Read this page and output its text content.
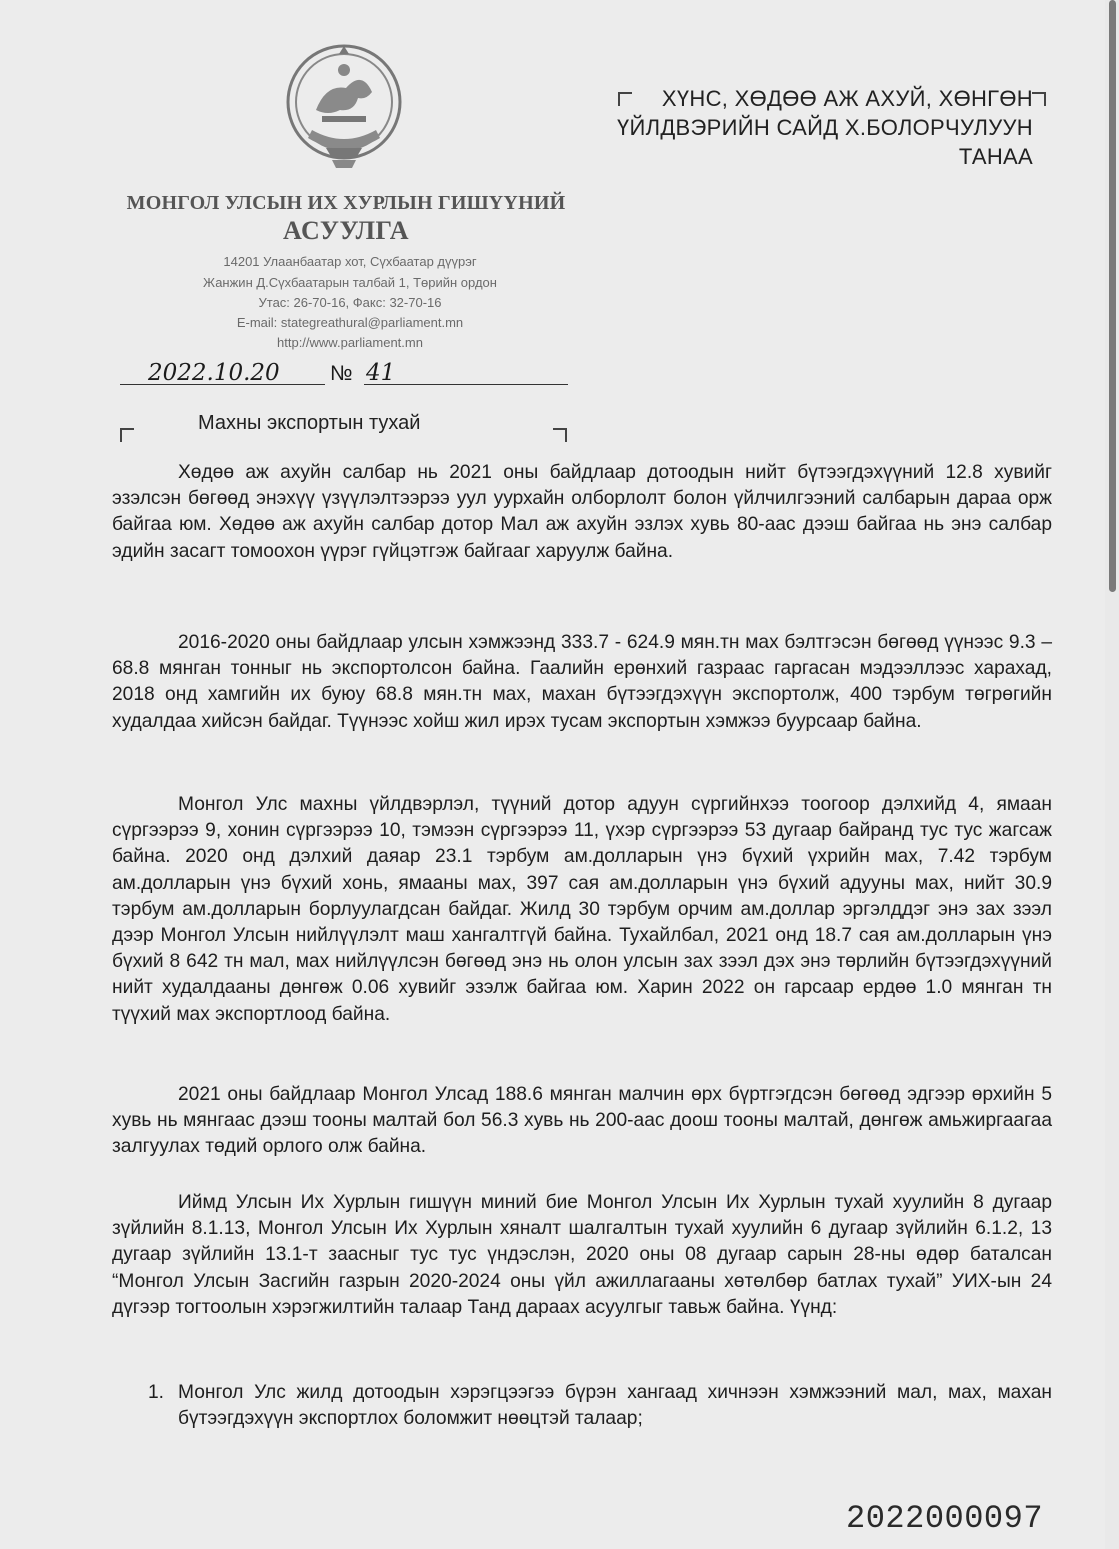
МОНГОЛ УЛСЫН ИХ ХУРЛЫН ГИШҮҮНИЙ
АСУУЛГА
14201 Улаанбаатар хот, Сүхбаатар дүүрэг
Жанжин Д.Сүхбаатарын талбай 1, Төрийн ордон
Утас: 26-70-16, Факс: 32-70-16
E-mail: stategreathural@parliament.mn
http://www.parliament.mn
ХҮНС, ХӨДӨӨ АЖ АХУЙ, ХӨНГӨН
ҮЙЛДВЭРИЙН САЙД Х.БОЛОРЧУЛУУН
ТАНАА
2022.10.20 № 41
Махны экспортын тухай

Хөдөө аж ахуйн салбар нь 2021 оны байдлаар дотоодын нийт бүтээгдэхүүний 12.8 хувийг эзэлсэн бөгөөд энэхүү үзүүлэлтээрээ уул уурхайн олборлолт болон үйлчилгээний салбарын дараа орж байгаа юм. Хөдөө аж ахуйн салбар дотор Мал аж ахуйн эзлэх хувь 80-аас дээш байгаа нь энэ салбар эдийн засагт томоохон үүрэг гүйцэтгэж байгааг харуулж байна.

2016-2020 оны байдлаар улсын хэмжээнд 333.7 - 624.9 мян.тн мах бэлтгэсэн бөгөөд үүнээс 9.3 – 68.8 мянган тонныг нь экспортолсон байна. Гаалийн ерөнхий газраас гаргасан мэдээллээс харахад, 2018 онд хамгийн их буюу 68.8 мян.тн мах, махан бүтээгдэхүүн экспортолж, 400 тэрбум төгрөгийн худалдаа хийсэн байдаг. Түүнээс хойш жил ирэх тусам экспортын хэмжээ буурсаар байна.

Монгол Улс махны үйлдвэрлэл, түүний дотор адуун сүргийнхээ тоогоор дэлхийд 4, ямаан сүргээрээ 9, хонин сүргээрээ 10, тэмээн сүргээрээ 11, үхэр сүргээрээ 53 дугаар байранд тус тус жагсаж байна. 2020 онд дэлхий даяар 23.1 тэрбум ам.долларын үнэ бүхий үхрийн мах, 7.42 тэрбум ам.долларын үнэ бүхий хонь, ямааны мах, 397 сая ам.долларын үнэ бүхий адууны мах, нийт 30.9 тэрбум ам.долларын борлуулагдсан байдаг. Жилд 30 тэрбум орчим ам.доллар эргэлддэг энэ зах зээл дээр Монгол Улсын нийлүүлэлт маш хангалтгүй байна. Тухайлбал, 2021 онд 18.7 сая ам.долларын үнэ бүхий 8 642 тн мал, мах нийлүүлсэн бөгөөд энэ нь олон улсын зах зээл дэх энэ төрлийн бүтээгдэхүүний нийт худалдааны дөнгөж 0.06 хувийг эзэлж байгаа юм. Харин 2022 он гарсаар ердөө 1.0 мянган тн түүхий мах экспортлоод байна.

2021 оны байдлаар Монгол Улсад 188.6 мянган малчин өрх бүртгэгдсэн бөгөөд эдгээр өрхийн 5 хувь нь мянгаас дээш тооны малтай бол 56.3 хувь нь 200-аас доош тооны малтай, дөнгөж амьжиргаагаа залгуулах төдий орлого олж байна.

Иймд Улсын Их Хурлын гишүүн миний бие Монгол Улсын Их Хурлын тухай хуулийн 8 дугаар зүйлийн 8.1.13, Монгол Улсын Их Хурлын хяналт шалгалтын тухай хуулийн 6 дугаар зүйлийн 6.1.2, 13 дугаар зүйлийн 13.1-т заасныг тус тус үндэслэн, 2020 оны 08 дугаар сарын 28-ны өдөр баталсан “Монгол Улсын Засгийн газрын 2020-2024 оны үйл ажиллагааны хөтөлбөр батлах тухай” УИХ-ын 24 дүгээр тогтоолын хэрэгжилтийн талаар Танд дараах асуулгыг тавьж байна. Үүнд:

1. Монгол Улс жилд дотоодын хэрэгцээгээ бүрэн хангаад хичнээн хэмжээний мал, мах, махан бүтээгдэхүүн экспортлох боломжит нөөцтэй талаар;
2022000097
